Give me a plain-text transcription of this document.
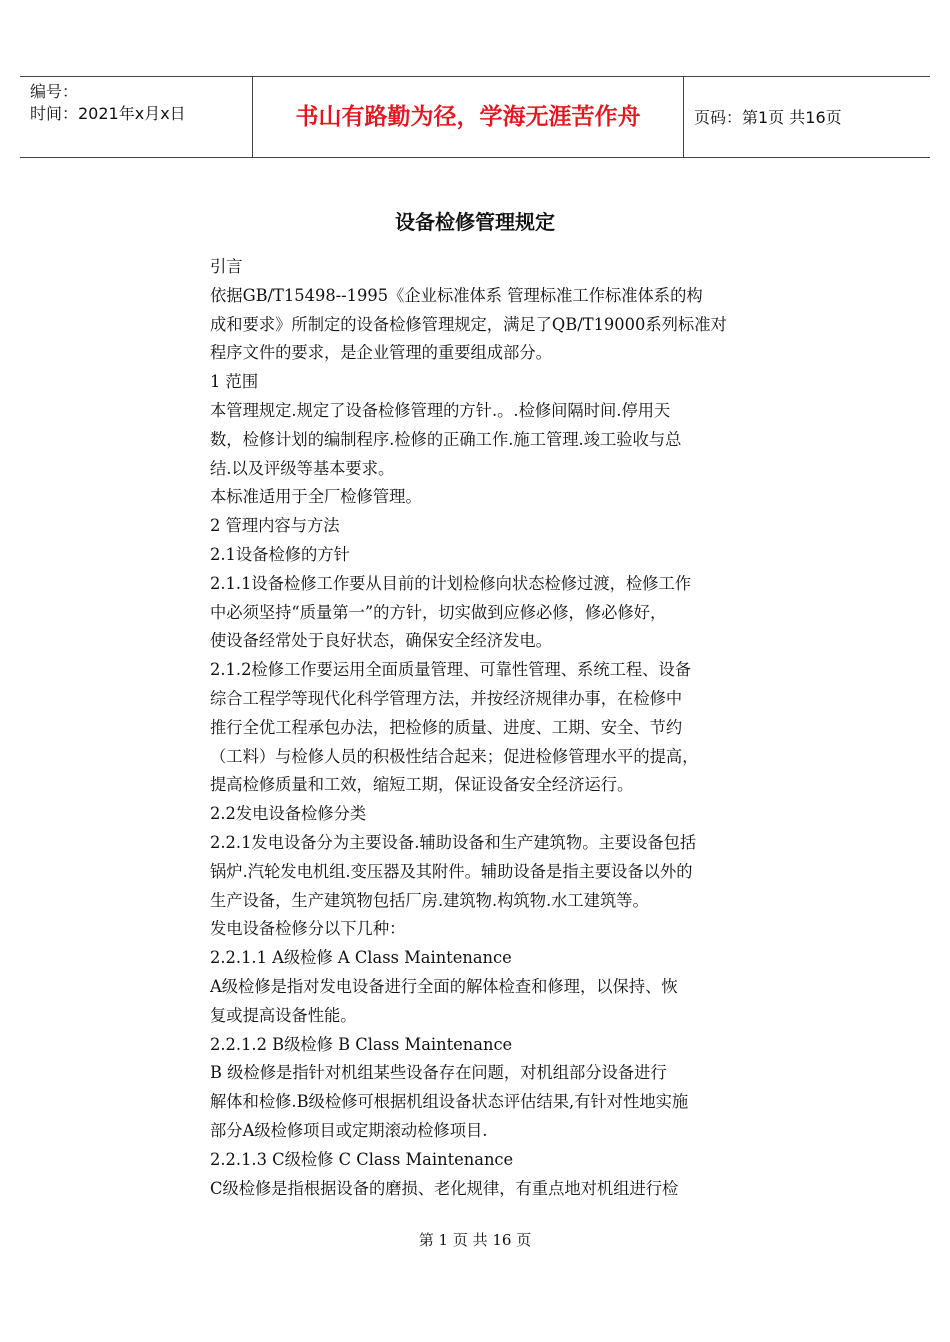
编号：
时间：2021年x月x日	书山有路勤为径，学海无涯苦作舟	页码：第1页 共16页
设备检修管理规定

引言

依据GB/T15498--1995《企业标准体系 管理标准工作标准体系的构

成和要求》所制定的设备检修管理规定，满足了QB/T19000系列标准对

程序文件的要求，是企业管理的重要组成部分。

1 范围

本管理规定.规定了设备检修管理的方针.。.检修间隔时间.停用天

数，检修计划的编制程序.检修的正确工作.施工管理.竣工验收与总

结.以及评级等基本要求。

本标准适用于全厂检修管理。

2 管理内容与方法

2.1设备检修的方针

2.1.1设备检修工作要从目前的计划检修向状态检修过渡，检修工作

中必须坚持“质量第一”的方针，切实做到应修必修，修必修好，

使设备经常处于良好状态，确保安全经济发电。

2.1.2检修工作要运用全面质量管理、可靠性管理、系统工程、设备

综合工程学等现代化科学管理方法，并按经济规律办事，在检修中

推行全优工程承包办法，把检修的质量、进度、工期、安全、节约

（工料）与检修人员的积极性结合起来；促进检修管理水平的提高，

提高检修质量和工效，缩短工期，保证设备安全经济运行。

2.2发电设备检修分类

2.2.1发电设备分为主要设备.辅助设备和生产建筑物。主要设备包括

锅炉.汽轮发电机组.变压器及其附件。辅助设备是指主要设备以外的

生产设备，生产建筑物包括厂房.建筑物.构筑物.水工建筑等。

发电设备检修分以下几种：

2.2.1.1 A级检修 A Class Maintenance

A级检修是指对发电设备进行全面的解体检查和修理，以保持、恢

复或提高设备性能。

2.2.1.2 B级检修 B Class Maintenance

B 级检修是指针对机组某些设备存在问题，对机组部分设备进行

解体和检修.B级检修可根据机组设备状态评估结果,有针对性地实施

部分A级检修项目或定期滚动检修项目.

2.2.1.3 C级检修 C Class Maintenance

C级检修是指根据设备的磨损、老化规律，有重点地对机组进行检

第 1 页 共 16 页
